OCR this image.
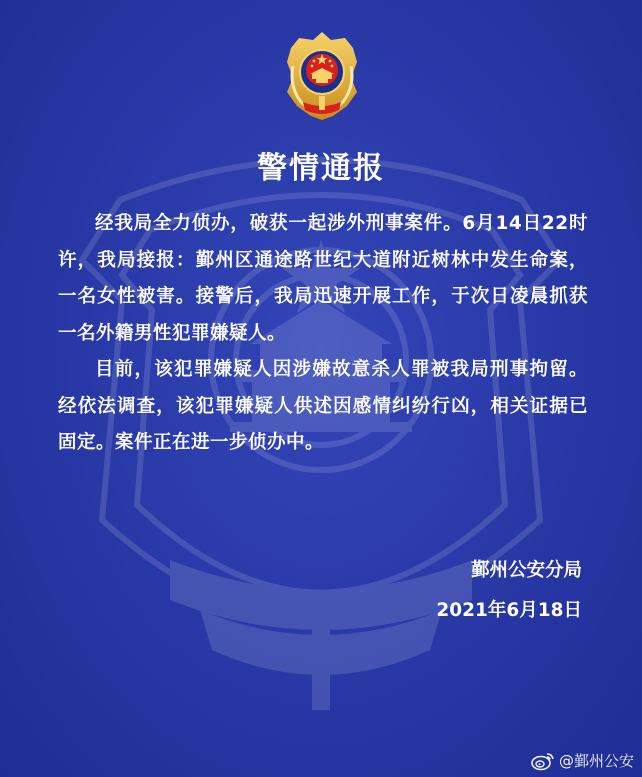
警情通报

经我局全力侦办，破获一起涉外刑事案件。6月14日22时许，我局接报：鄞州区通途路世纪大道附近树林中发生命案，一名女性被害。接警后，我局迅速开展工作，于次日凌晨抓获一名外籍男性犯罪嫌疑人。

目前，该犯罪嫌疑人因涉嫌故意杀人罪被我局刑事拘留。经依法调查，该犯罪嫌疑人供述因感情纠纷行凶，相关证据已固定。案件正在进一步侦办中。

鄞州公安分局
2021年6月18日
@鄞州公安
